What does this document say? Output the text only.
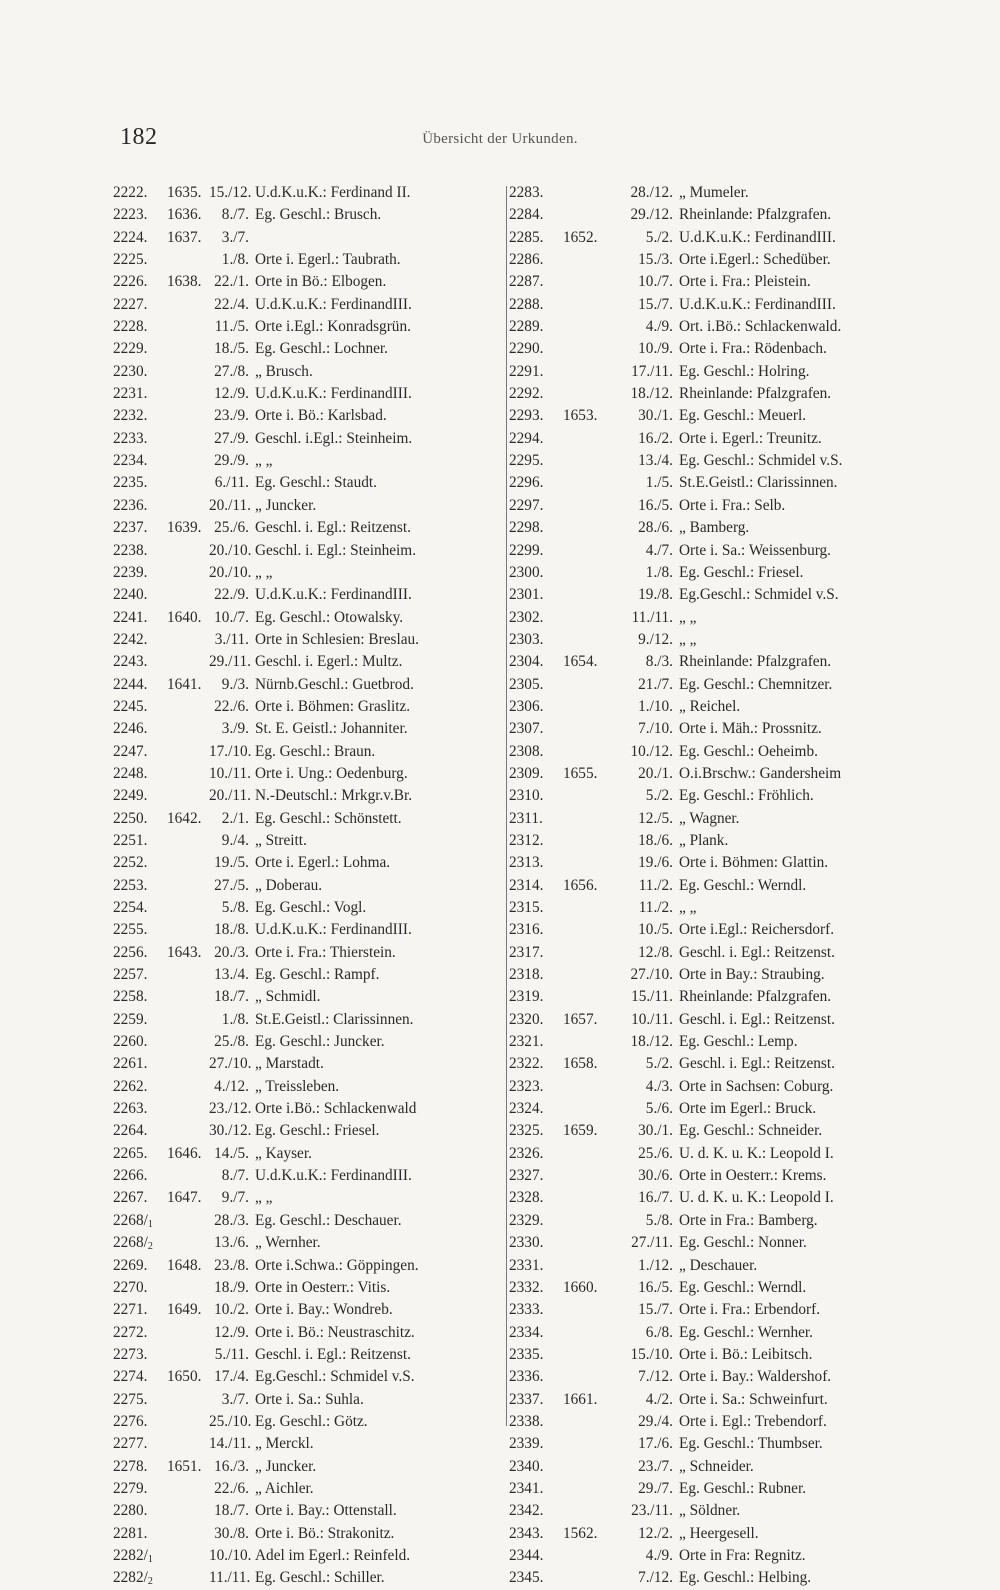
182	Übersicht der Urkunden.
2222.	1635. 15./12. U.d.K.u.K.: Ferdinand II.
2223.	1636.	8./7. Eg. Geschl.: Brusch.
2224.	1637.	3./7.
2225.	1./8. Orte i. Egerl.: Taubrath.
2226.	1638. 22./1. Orte in Bö.: Elbogen.
2227.	22./4. U.d.K.u.K.: FerdinandIII.
2228.	11./5. Orte i.Egl.: Konradsgrün.
2229.	18./5. Eg. Geschl.: Lochner.
2230.	27./8. „ Brusch.
2231.	12./9. U.d.K.u.K.: FerdinandIII.
2232.	23./9. Orte i. Bö.: Karlsbad.
2233.	27./9. Geschl. i.Egl.: Steinheim.
2234.	29./9. „ „
2235.	6./11. Eg. Geschl.: Staudt.
2236.	20./11. „ Juncker.
2237.	1639. 25./6. Geschl. i. Egl.: Reitzenst.
2238.	20./10. Geschl. i. Egl.: Steinheim.
2239.	20./10. „ „
2240.	22./9. U.d.K.u.K.: FerdinandIII.
2241.	1640. 10./7. Eg. Geschl.: Otowalsky.
2242.	3./11. Orte in Schlesien: Breslau.
2243.	29./11. Geschl. i. Egerl.: Multz.
2244.	1641.	9./3. Nürnb.Geschl.: Guetbrod.
2245.	22./6. Orte i. Böhmen: Graslitz.
2246.	3./9. St. E. Geistl.: Johanniter.
2247.	17./10. Eg. Geschl.: Braun.
2248.	10./11. Orte i. Ung.: Oedenburg.
2249.	20./11. N.-Deutschl.: Mrkgr.v.Br.
2250.	1642.	2./1. Eg. Geschl.: Schönstett.
2251.	9./4. „ Streitt.
2252.	19./5. Orte i. Egerl.: Lohma.
2253.	27./5. „ Doberau.
2254.	5./8. Eg. Geschl.: Vogl.
2255.	18./8. U.d.K.u.K.: FerdinandIII.
2256.	1643. 20./3. Orte i. Fra.: Thierstein.
2257.	13./4. Eg. Geschl.: Rampf.
2258.	18./7. „ Schmidl.
2259.	1./8. St.E.Geistl.: Clarissinnen.
2260.	25./8. Eg. Geschl.: Juncker.
2261.	27./10. „ Marstadt.
2262.	4./12. „ Treissleben.
2263.	23./12. Orte i.Bö.: Schlackenwald
2264.	30./12. Eg. Geschl.: Friesel.
2265.	1646. 14./5. „ Kayser.
2266.	8./7. U.d.K.u.K.: FerdinandIII.
2267.	1647.	9./7. „ „
$2268/_1$	28./3. Eg. Geschl.: Deschauer.
$2268/_2$	13./6. „ Wernher.
2269.	1648. 23./8. Orte i.Schwa.: Göppingen.
2270.	18./9. Orte in Oesterr.: Vitis.
2271.	1649. 10./2. Orte i. Bay.: Wondreb.
2272.	12./9. Orte i. Bö.: Neustraschitz.
2273.	5./11. Geschl. i. Egl.: Reitzenst.
2274.	1650. 17./4. Eg.Geschl.: Schmidel v.S.
2275.	3./7. Orte i. Sa.: Suhla.
2276.	25./10. Eg. Geschl.: Götz.
2277.	14./11. „ Merckl.
2278.	1651. 16./3. „ Juncker.
2279.	22./6. „ Aichler.
2280.	18./7. Orte i. Bay.: Ottenstall.
2281.	30./8. Orte i. Bö.: Strakonitz.
$2282/_1$	10./10. Adel im Egerl.: Reinfeld.
$2282/_2$	11./11. Eg. Geschl.: Schiller.
2283.	28./12. „ Mumeler.
2284.	29./12. Rheinlande: Pfalzgrafen.
2285.	1652.	5./2. U.d.K.u.K.: FerdinandIII.
2286.	15./3. Orte i.Egerl.: Schedüber.
2287.	10./7. Orte i. Fra.: Pleistein.
2288.	15./7. U.d.K.u.K.: FerdinandIII.
2289.	4./9. Ort. i.Bö.: Schlackenwald.
2290.	10./9. Orte i. Fra.: Rödenbach.
2291.	17./11. Eg. Geschl.: Holring.
2292.	18./12. Rheinlande: Pfalzgrafen.
2293.	1653.	30./1. Eg. Geschl.: Meuerl.
2294.	16./2. Orte i. Egerl.: Treunitz.
2295.	13./4. Eg. Geschl.: Schmidel v.S.
2296.	1./5. St.E.Geistl.: Clarissinnen.
2297.	16./5. Orte i. Fra.: Selb.
2298.	28./6. „ Bamberg.
2299.	4./7. Orte i. Sa.: Weissenburg.
2300.	1./8. Eg. Geschl.: Friesel.
2301.	19./8. Eg.Geschl.: Schmidel v.S.
2302.	11./11. „ „
2303.	9./12. „ „
2304.	1654.	8./3. Rheinlande: Pfalzgrafen.
2305.	21./7. Eg. Geschl.: Chemnitzer.
2306.	1./10. „ Reichel.
2307.	7./10. Orte i. Mäh.: Prossnitz.
2308.	10./12. Eg. Geschl.: Oeheimb.
2309.	1655.	20./1. O.i.Brschw.: Gandersheim
2310.	5./2. Eg. Geschl.: Fröhlich.
2311.	12./5. „ Wagner.
2312.	18./6. „ Plank.
2313.	19./6. Orte i. Böhmen: Glattin.
2314.	1656.	11./2. Eg. Geschl.: Werndl.
2315.	11./2. „ „
2316.	10./5. Orte i.Egl.: Reichersdorf.
2317.	12./8. Geschl. i. Egl.: Reitzenst.
2318.	27./10. Orte in Bay.: Straubing.
2319.	15./11. Rheinlande: Pfalzgrafen.
2320.	1657.	10./11. Geschl. i. Egl.: Reitzenst.
2321.	18./12. Eg. Geschl.: Lemp.
2322.	1658.	5./2. Geschl. i. Egl.: Reitzenst.
2323.	4./3. Orte in Sachsen: Coburg.
2324.	5./6. Orte im Egerl.: Bruck.
2325.	1659.	30./1. Eg. Geschl.: Schneider.
2326.	25./6. U. d. K. u. K.: Leopold I.
2327.	30./6. Orte in Oesterr.: Krems.
2328.	16./7. U. d. K. u. K.: Leopold I.
2329.	5./8. Orte in Fra.: Bamberg.
2330.	27./11. Eg. Geschl.: Nonner.
2331.	1./12. „ Deschauer.
2332.	1660.	16./5. Eg. Geschl.: Werndl.
2333.	15./7. Orte i. Fra.: Erbendorf.
2334.	6./8. Eg. Geschl.: Wernher.
2335.	15./10. Orte i. Bö.: Leibitsch.
2336.	7./12. Orte i. Bay.: Waldershof.
2337.	1661.	4./2. Orte i. Sa.: Schweinfurt.
2338.	29./4. Orte i. Egl.: Trebendorf.
2339.	17./6. Eg. Geschl.: Thumbser.
2340.	23./7. „ Schneider.
2341.	29./7. Eg. Geschl.: Rubner.
2342.	23./11. „ Söldner.
2343.	1562.	12./2. „ Heergesell.
2344.	4./9. Orte in Fra: Regnitz.
2345.	7./12. Eg. Geschl.: Helbing.
